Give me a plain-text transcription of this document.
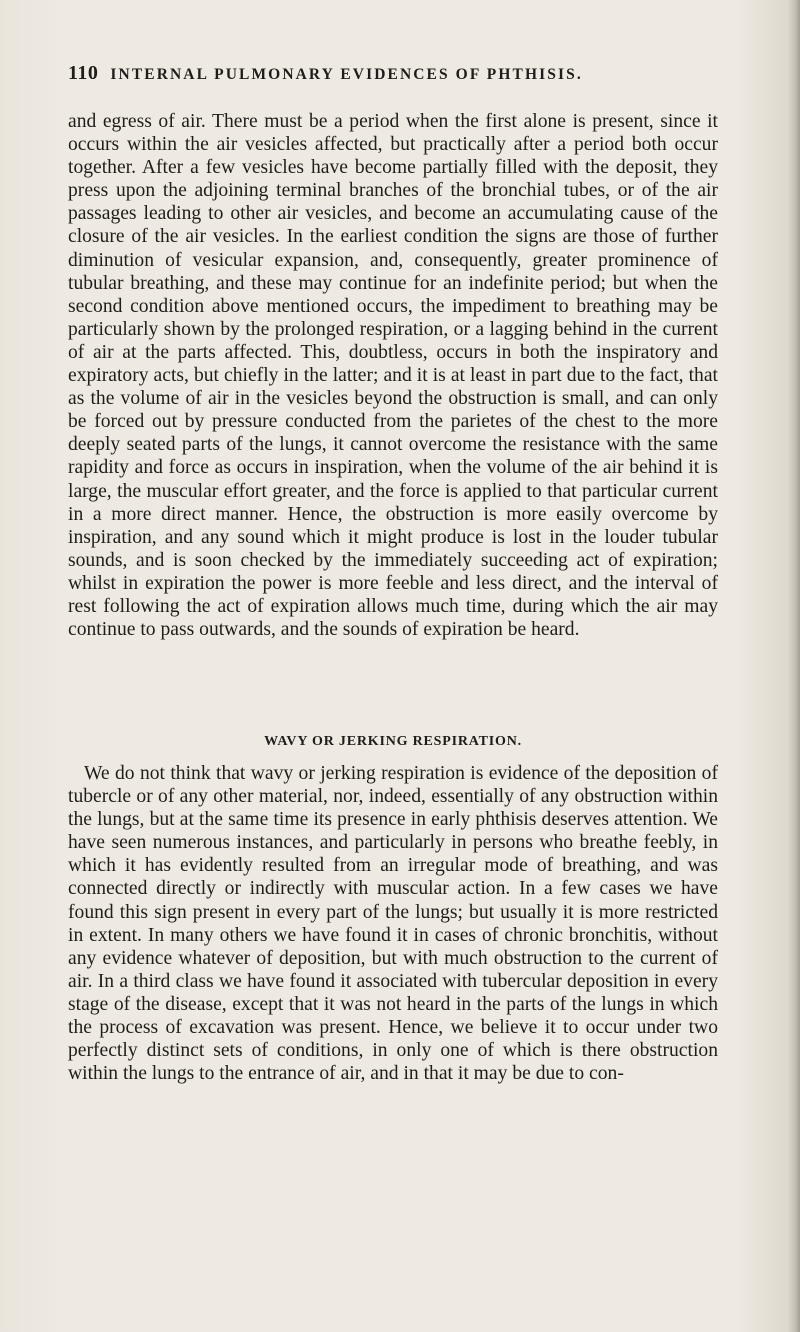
110 INTERNAL PULMONARY EVIDENCES OF PHTHISIS.

and egress of air. There must be a period when the first alone is present, since it occurs within the air vesicles affected, but practically after a period both occur together. After a few vesicles have become partially filled with the deposit, they press upon the adjoining terminal branches of the bronchial tubes, or of the air passages leading to other air vesicles, and become an accumulating cause of the closure of the air vesicles. In the earliest condition the signs are those of further diminution of vesicular expansion, and, consequently, greater prominence of tubular breathing, and these may continue for an indefinite period; but when the second condition above mentioned occurs, the impediment to breathing may be particularly shown by the prolonged respiration, or a lagging behind in the current of air at the parts affected. This, doubtless, occurs in both the inspiratory and expiratory acts, but chiefly in the latter; and it is at least in part due to the fact, that as the volume of air in the vesicles beyond the obstruction is small, and can only be forced out by pressure conducted from the parietes of the chest to the more deeply seated parts of the lungs, it cannot overcome the resistance with the same rapidity and force as occurs in inspiration, when the volume of the air behind it is large, the muscular effort greater, and the force is applied to that particular current in a more direct manner. Hence, the obstruction is more easily overcome by inspiration, and any sound which it might produce is lost in the louder tubular sounds, and is soon checked by the immediately succeeding act of expiration; whilst in expiration the power is more feeble and less direct, and the interval of rest following the act of expiration allows much time, during which the air may continue to pass outwards, and the sounds of expiration be heard.

WAVY OR JERKING RESPIRATION.

We do not think that wavy or jerking respiration is evidence of the deposition of tubercle or of any other material, nor, indeed, essentially of any obstruction within the lungs, but at the same time its presence in early phthisis deserves attention. We have seen numerous instances, and particularly in persons who breathe feebly, in which it has evidently resulted from an irregular mode of breathing, and was connected directly or indirectly with muscular action. In a few cases we have found this sign present in every part of the lungs; but usually it is more restricted in extent. In many others we have found it in cases of chronic bronchitis, without any evidence whatever of deposition, but with much obstruction to the current of air. In a third class we have found it associated with tubercular deposition in every stage of the disease, except that it was not heard in the parts of the lungs in which the process of excavation was present. Hence, we believe it to occur under two perfectly distinct sets of conditions, in only one of which is there obstruction within the lungs to the entrance of air, and in that it may be due to con-
